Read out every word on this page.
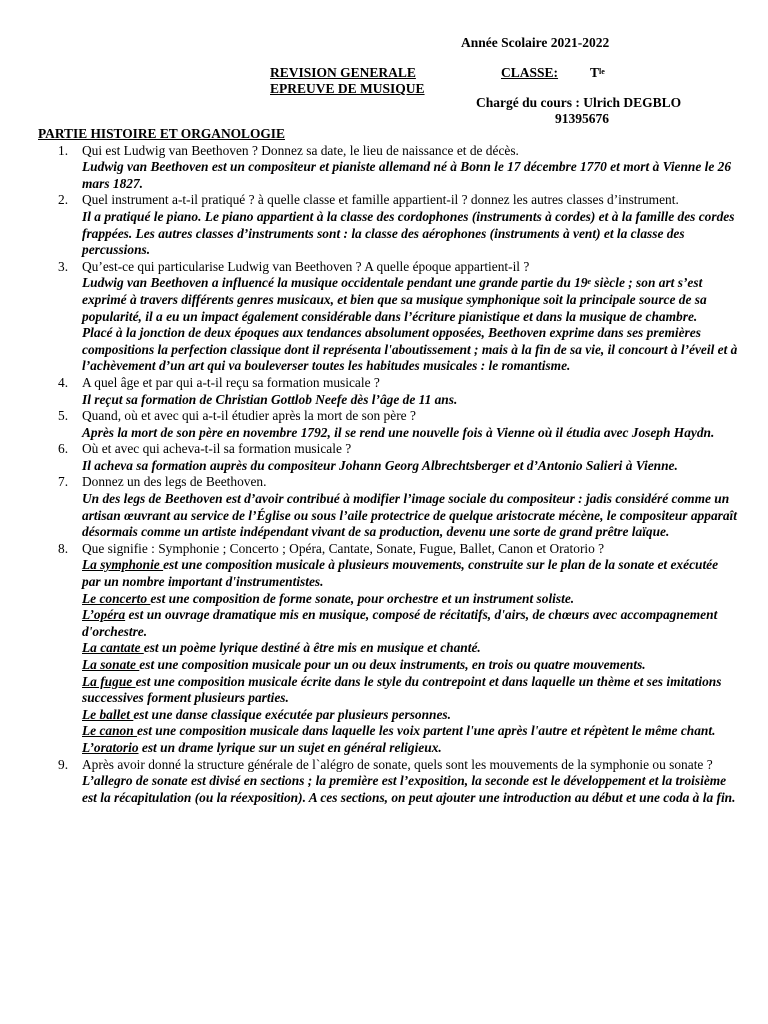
Année Scolaire 2021-2022
REVISION GENERALE
EPREUVE DE MUSIQUE
CLASSE: $T^{le}$
Chargé du cours : Ulrich DEGBLO
91395676
PARTIE HISTOIRE ET ORGANOLOGIE
1. Qui est Ludwig van Beethoven ? Donnez sa date, le lieu de naissance et de décès.
Ludwig van Beethoven est un compositeur et pianiste allemand né à Bonn le 17 décembre 1770 et mort à Vienne le 26 mars 1827.
2. Quel instrument a-t-il pratiqué ? à quelle classe et famille appartient-il ? donnez les autres classes d’instrument.
Il a pratiqué le piano. Le piano appartient à la classe des cordophones (instruments à cordes) et à la famille des cordes frappées. Les autres classes d’instruments sont : la classe des aérophones (instruments à vent) et la classe des percussions.
3. Qu’est-ce qui particularise Ludwig van Beethoven ? A quelle époque appartient-il ?
Ludwig van Beethoven a influencé la musique occidentale pendant une grande partie du 19e siècle ; son art s’est exprimé à travers différents genres musicaux, et bien que sa musique symphonique soit la principale source de sa popularité, il a eu un impact également considérable dans l’écriture pianistique et dans la musique de chambre.
Placé à la jonction de deux époques aux tendances absolument opposées, Beethoven exprime dans ses premières compositions la perfection classique dont il représenta l'aboutissement ; mais à la fin de sa vie, il concourt à l’éveil et à l’achèvement d’un art qui va bouleverser toutes les habitudes musicales : le romantisme.
4. A quel âge et par qui a-t-il reçu sa formation musicale ?
Il reçut sa formation de Christian Gottlob Neefe dès l’âge de 11 ans.
5. Quand, où et avec qui a-t-il étudier après la mort de son père ?
Après la mort de son père en novembre 1792, il se rend une nouvelle fois à Vienne où il étudia avec Joseph Haydn.
6. Où et avec qui acheva-t-il sa formation musicale ?
Il acheva sa formation auprès du compositeur Johann Georg Albrechtsberger et d’Antonio Salieri à Vienne.
7. Donnez un des legs de Beethoven.
Un des legs de Beethoven est d’avoir contribué à modifier l’image sociale du compositeur : jadis considéré comme un artisan œuvrant au service de l’Église ou sous l’aile protectrice de quelque aristocrate mécène, le compositeur apparaît désormais comme un artiste indépendant vivant de sa production, devenu une sorte de grand prêtre laïque.
8. Que signifie : Symphonie ; Concerto ; Opéra, Cantate, Sonate, Fugue, Ballet, Canon et Oratorio ?
La symphonie est une composition musicale à plusieurs mouvements, construite sur le plan de la sonate et exécutée par un nombre important d'instrumentistes.
Le concerto est une composition de forme sonate, pour orchestre et un instrument soliste.
L’opéra est un ouvrage dramatique mis en musique, composé de récitatifs, d'airs, de chœurs avec accompagnement d'orchestre.
La cantate est un poème lyrique destiné à être mis en musique et chanté.
La sonate est une composition musicale pour un ou deux instruments, en trois ou quatre mouvements.
La fugue est une composition musicale écrite dans le style du contrepoint et dans laquelle un thème et ses imitations successives forment plusieurs parties.
Le ballet est une danse classique exécutée par plusieurs personnes.
Le canon est une composition musicale dans laquelle les voix partent l'une après l'autre et répètent le même chant.
L’oratorio est un drame lyrique sur un sujet en général religieux.
9. Après avoir donné la structure générale de l`alégro de sonate, quels sont les mouvements de la symphonie ou sonate ?
L’allegro de sonate est divisé en sections ; la première est l’exposition, la seconde est le développement et la troisième est la récapitulation (ou la réexposition). A ces sections, on peut ajouter une introduction au début et une coda à la fin.
